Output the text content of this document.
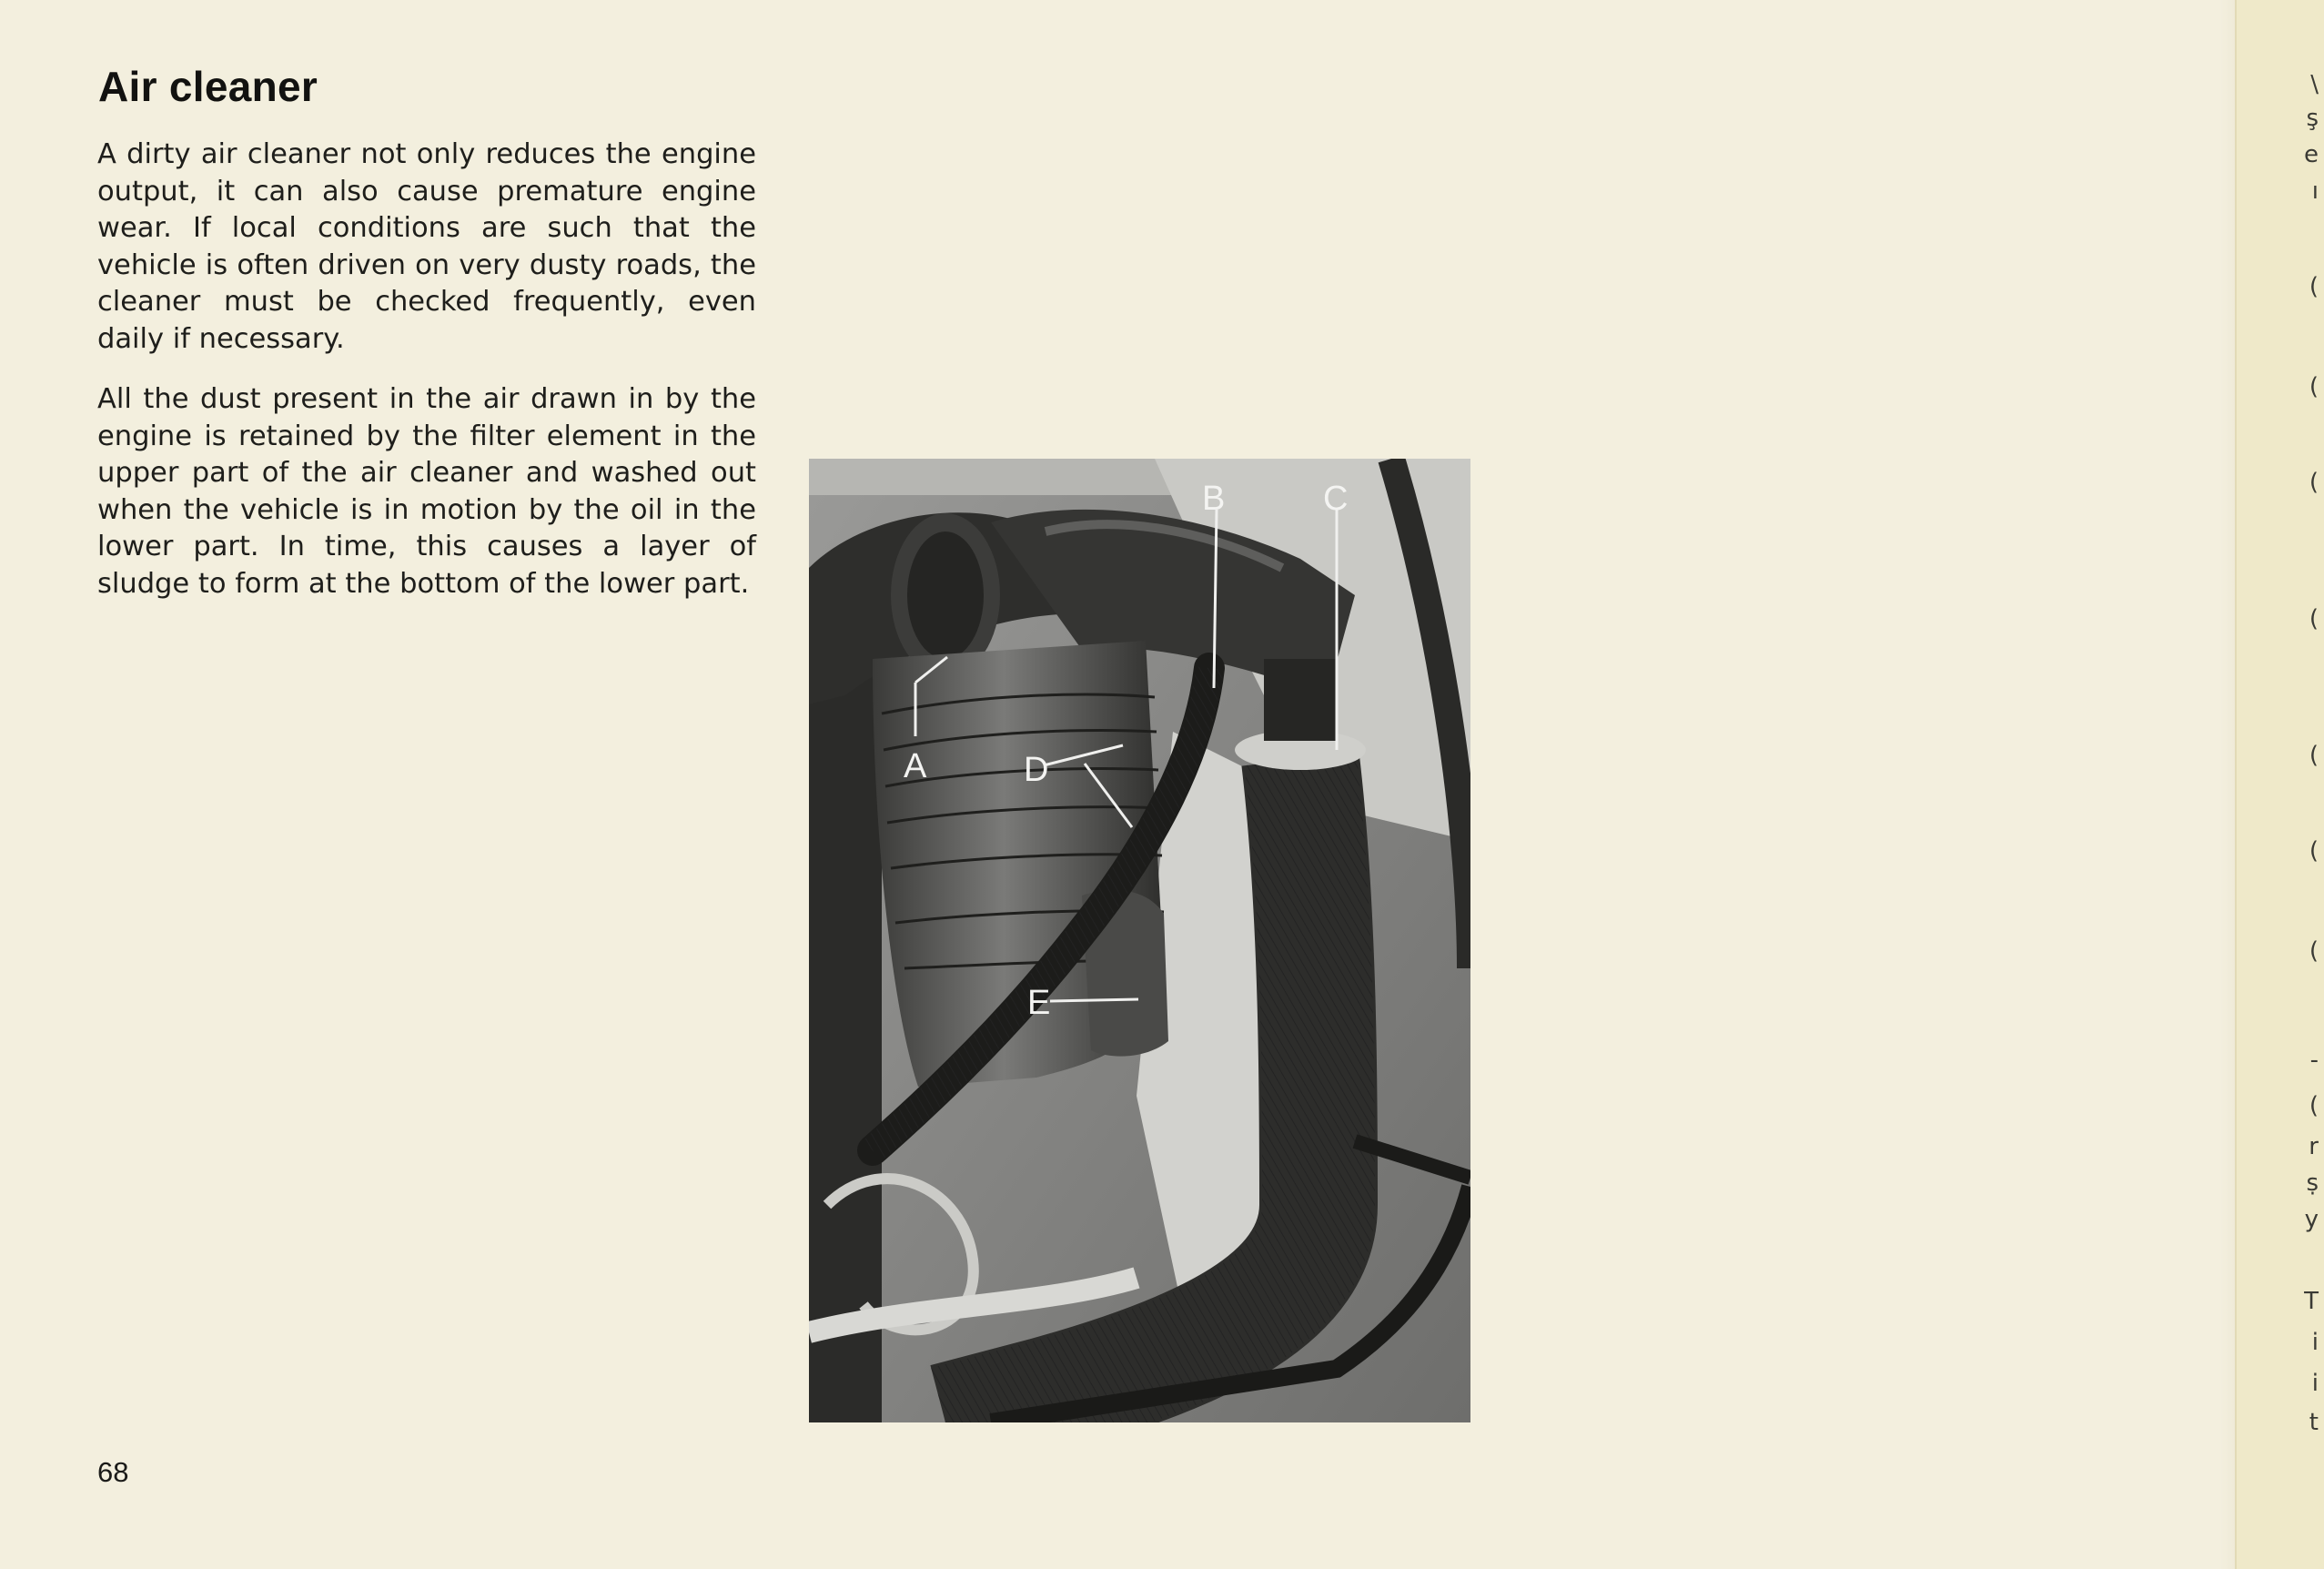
Air cleaner

A dirty air cleaner not only reduces the engine output, it can also cause premature engine wear. If local conditions are such that the vehicle is often driven on very dusty roads, the cleaner must be checked frequently, even daily if necessary.

All the dust present in the air drawn in by the engine is retained by the filter element in the upper part of the air cleaner and washed out when the vehicle is in motion by the oil in the lower part. In time, this causes a layer of sludge to form at the bottom of the lower part.

B	C
A	D
E

68

\
ş
e
ı
(
(
(
(
(
(
(
-
(
r
ṣ
y
T
i
i
t
